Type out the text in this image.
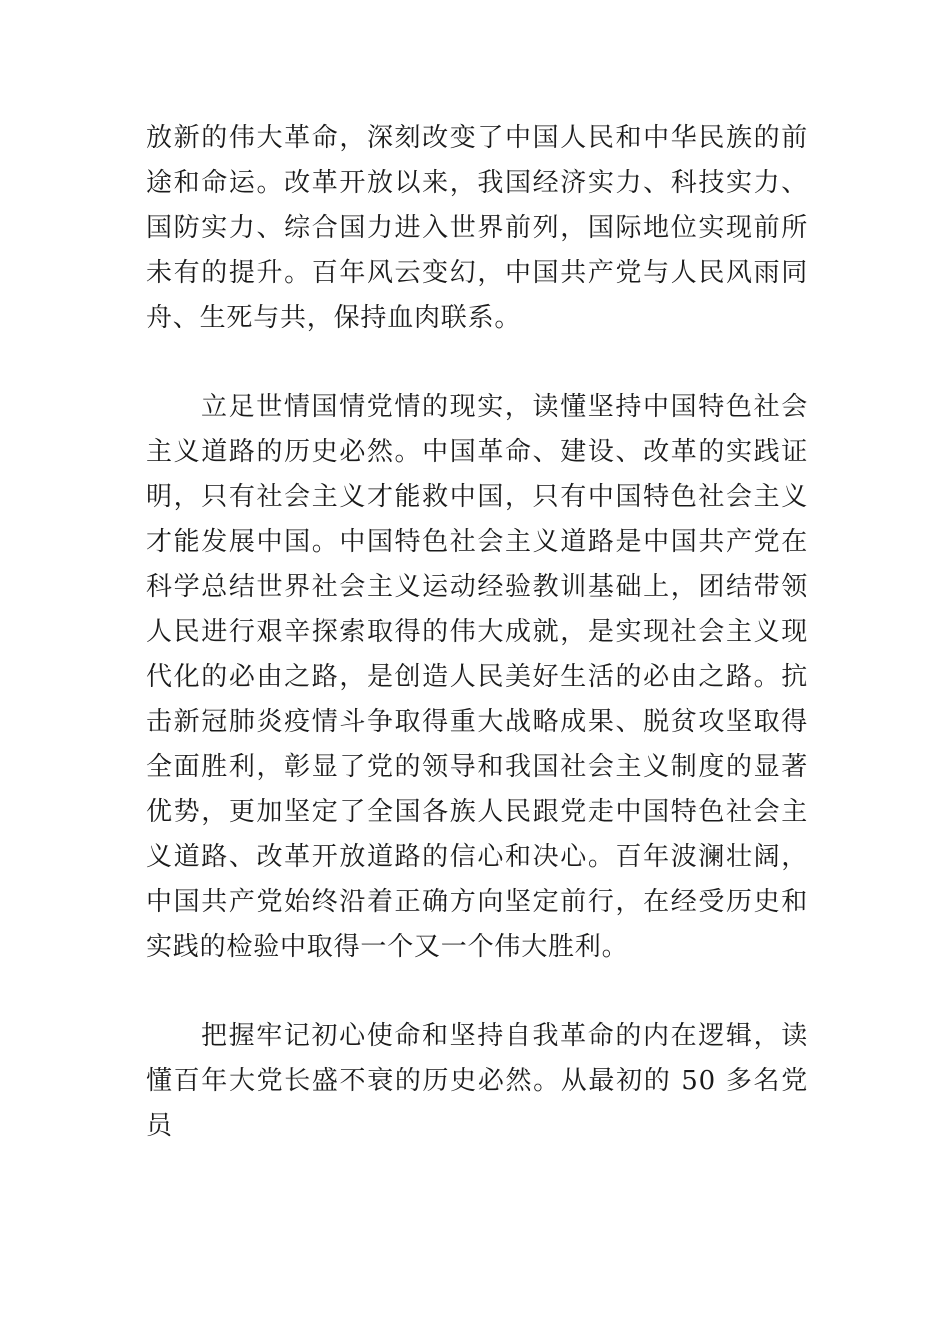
放新的伟大革命，深刻改变了中国人民和中华民族的前
途和命运。改革开放以来，我国经济实力、科技实力、
国防实力、综合国力进入世界前列，国际地位实现前所
未有的提升。百年风云变幻，中国共产党与人民风雨同
舟、生死与共，保持血肉联系。
立足世情国情党情的现实，读懂坚持中国特色社会
主义道路的历史必然。中国革命、建设、改革的实践证
明，只有社会主义才能救中国，只有中国特色社会主义
才能发展中国。中国特色社会主义道路是中国共产党在
科学总结世界社会主义运动经验教训基础上，团结带领
人民进行艰辛探索取得的伟大成就，是实现社会主义现
代化的必由之路，是创造人民美好生活的必由之路。抗
击新冠肺炎疫情斗争取得重大战略成果、脱贫攻坚取得
全面胜利，彰显了党的领导和我国社会主义制度的显著
优势，更加坚定了全国各族人民跟党走中国特色社会主
义道路、改革开放道路的信心和决心。百年波澜壮阔，
中国共产党始终沿着正确方向坚定前行，在经受历史和
实践的检验中取得一个又一个伟大胜利。
把握牢记初心使命和坚持自我革命的内在逻辑，读
懂百年大党长盛不衰的历史必然。从最初的 50 多名党
员
